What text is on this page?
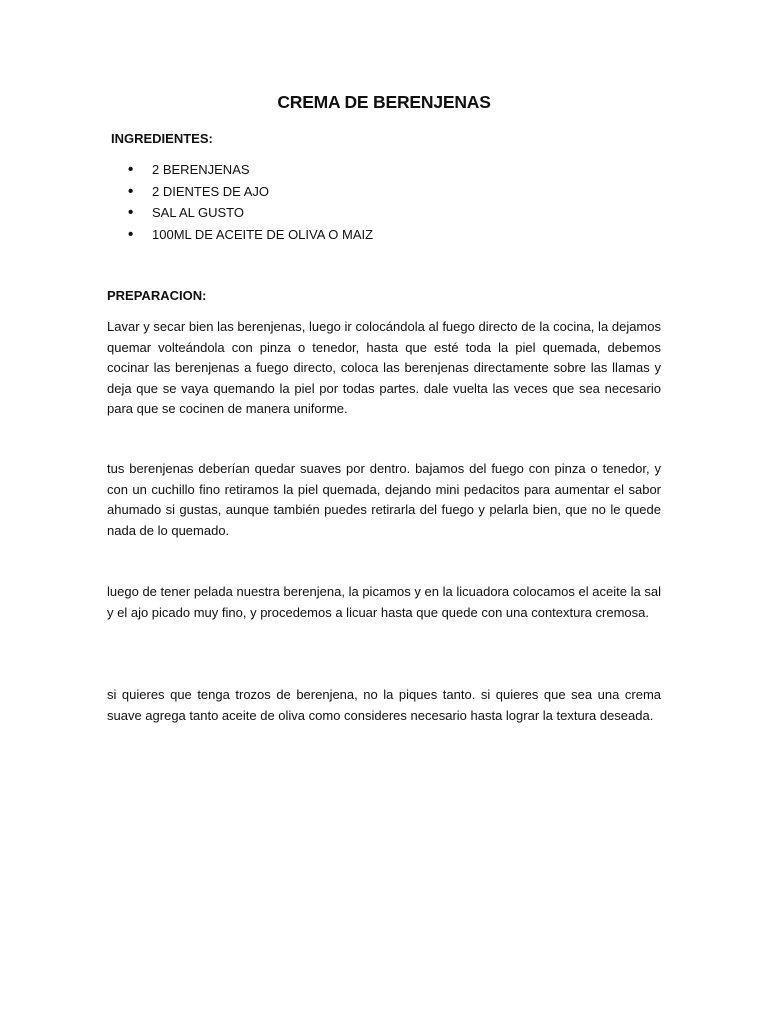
CREMA DE BERENJENAS
INGREDIENTES:
• 2 BERENJENAS
• 2 DIENTES DE AJO
• SAL AL GUSTO
• 100ML DE ACEITE DE OLIVA O MAIZ
PREPARACION:

Lavar y secar bien las berenjenas, luego ir colocándola al fuego directo de la cocina, la dejamos quemar volteándola con pinza o tenedor, hasta que esté toda la piel quemada, debemos cocinar las berenjenas a fuego directo, coloca las berenjenas directamente sobre las llamas y deja que se vaya quemando la piel por todas partes. dale vuelta las veces que sea necesario para que se cocinen de manera uniforme.

tus berenjenas deberían quedar suaves por dentro. bajamos del fuego con pinza o tenedor, y con un cuchillo fino retiramos la piel quemada, dejando mini pedacitos para aumentar el sabor ahumado si gustas, aunque también puedes retirarla del fuego y pelarla bien, que no le quede nada de lo quemado.

luego de tener pelada nuestra berenjena, la picamos y en la licuadora colocamos el aceite la sal y el ajo picado muy fino, y procedemos a licuar hasta que quede con una contextura cremosa.

si quieres que tenga trozos de berenjena, no la piques tanto. si quieres que sea una crema suave agrega tanto aceite de oliva como consideres necesario hasta lograr la textura deseada.
